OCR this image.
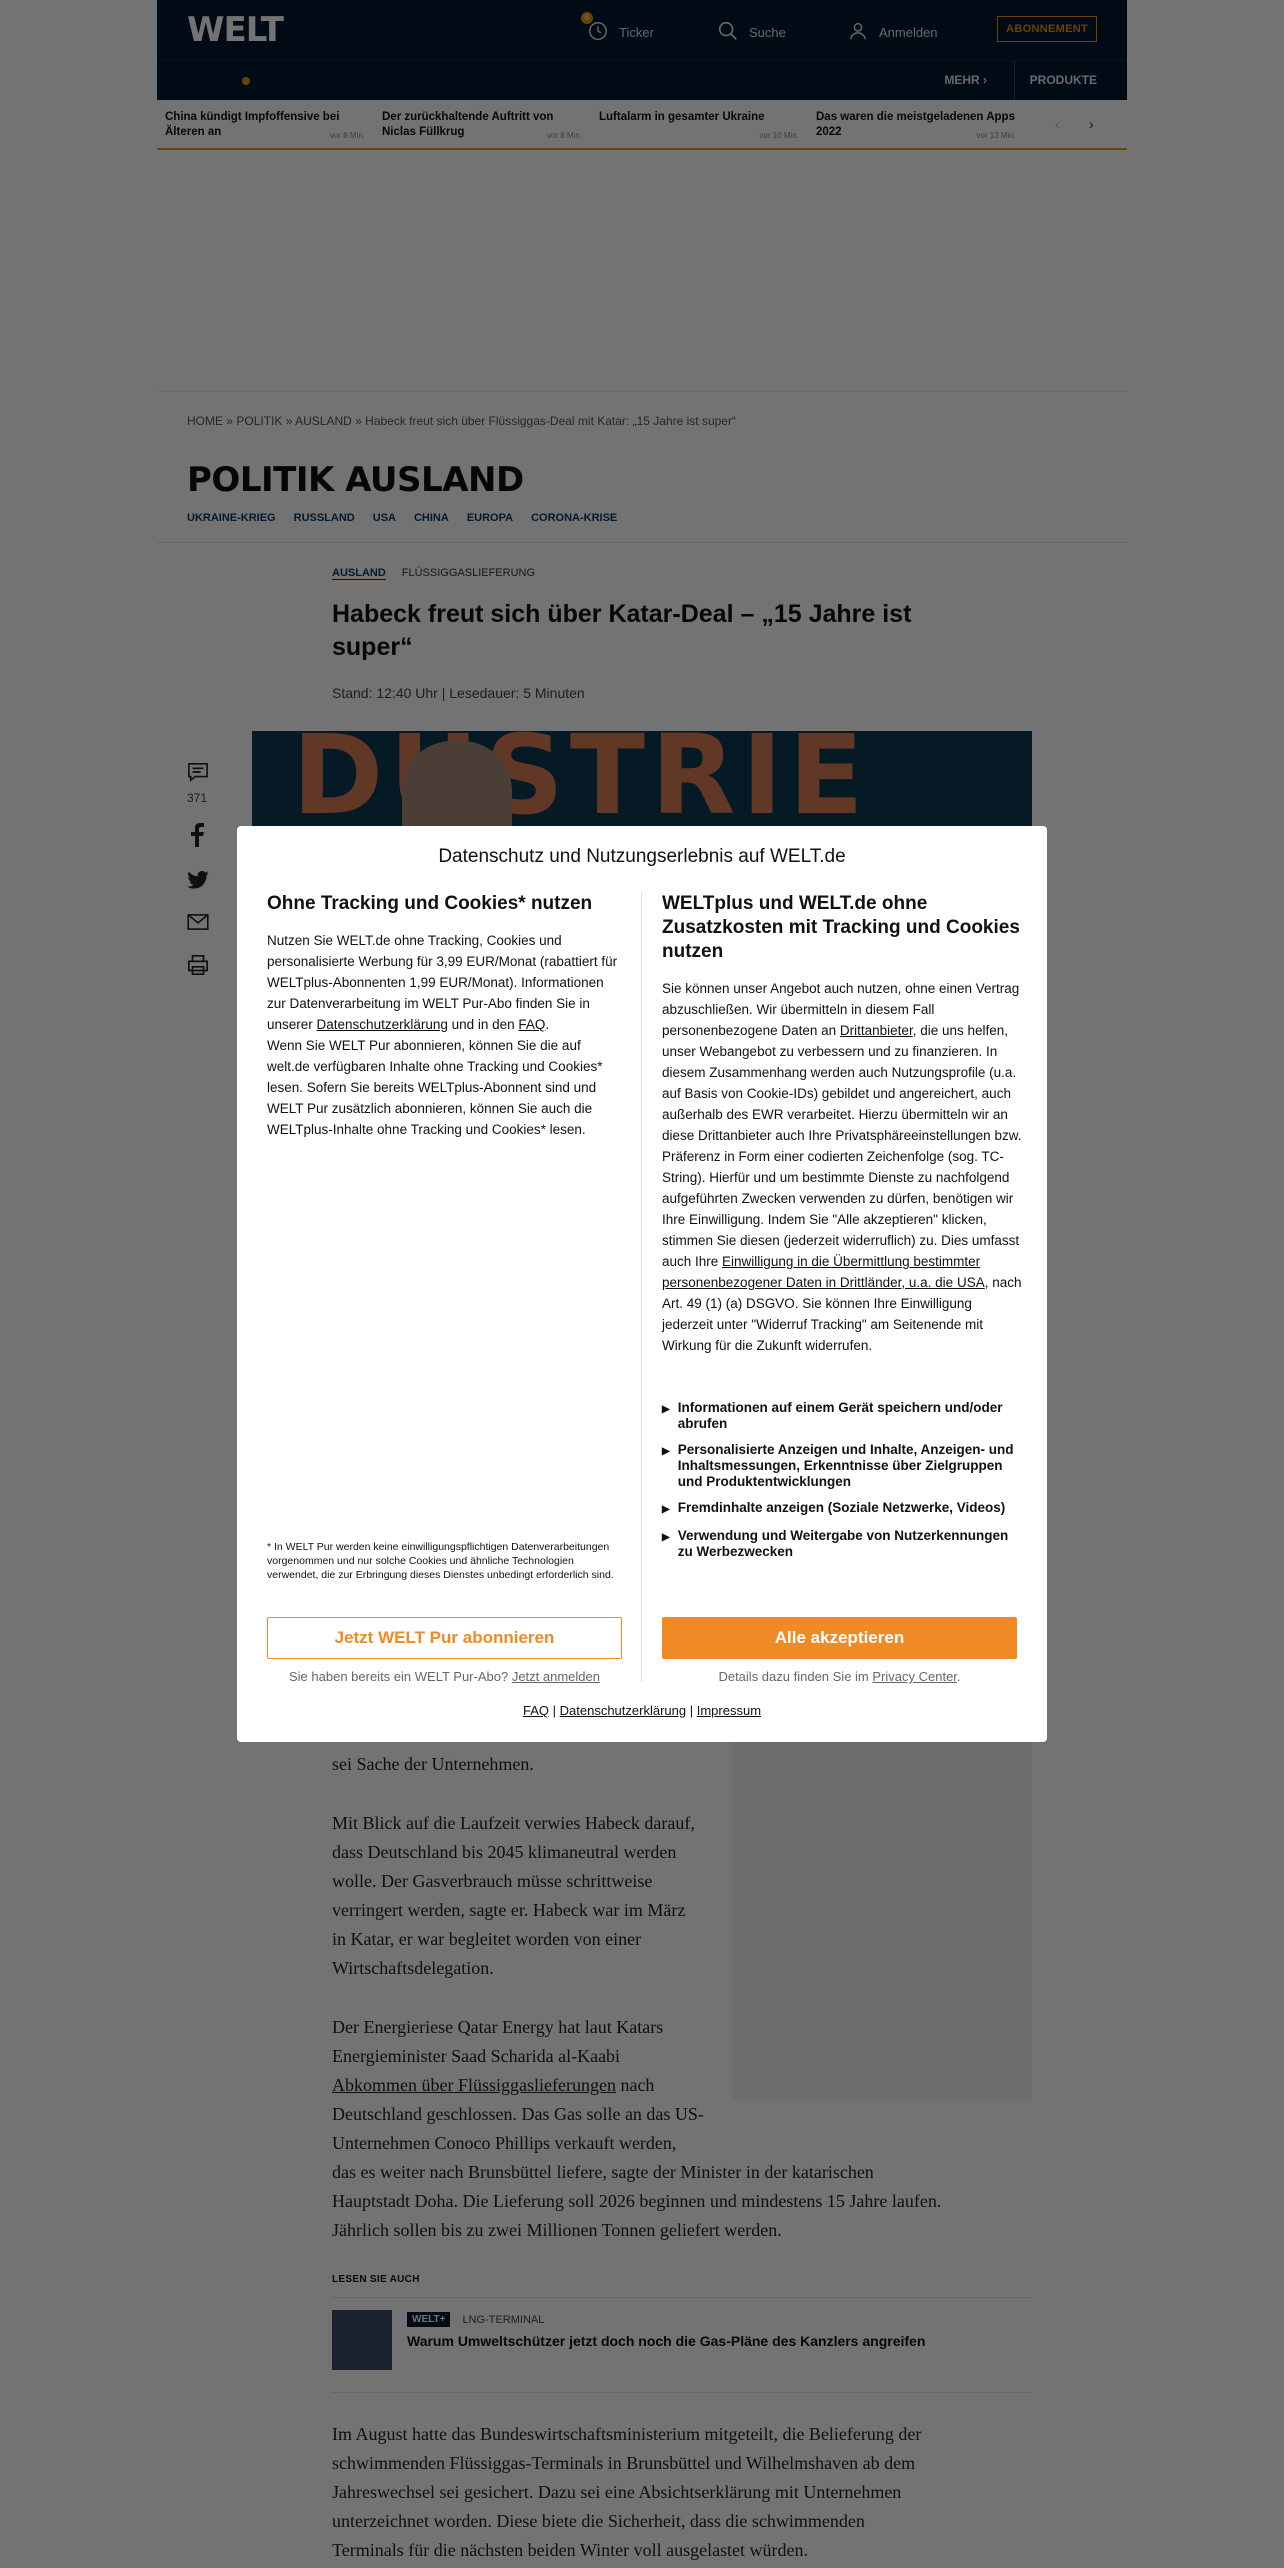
Datenschutz und Nutzungserlebnis auf WELT.de
Ohne Tracking und Cookies* nutzen
Nutzen Sie WELT.de ohne Tracking, Cookies und personalisierte Werbung für 3,99 EUR/Monat (rabattiert für WELTplus-Abonnenten 1,99 EUR/Monat). Informationen zur Datenverarbeitung im WELT Pur-Abo finden Sie in unserer Datenschutzerklärung und in den FAQ.
Wenn Sie WELT Pur abonnieren, können Sie die auf welt.de verfügbaren Inhalte ohne Tracking und Cookies* lesen. Sofern Sie bereits WELTplus-Abonnent sind und WELT Pur zusätzlich abonnieren, können Sie auch die WELTplus-Inhalte ohne Tracking und Cookies* lesen.
WELTplus und WELT.de ohne Zusatzkosten mit Tracking und Cookies nutzen
Sie können unser Angebot auch nutzen, ohne einen Vertrag abzuschließen. Wir übermitteln in diesem Fall personenbezogene Daten an Drittanbieter, die uns helfen, unser Webangebot zu verbessern und zu finanzieren. In diesem Zusammenhang werden auch Nutzungsprofile (u.a. auf Basis von Cookie-IDs) gebildet und angereichert, auch außerhalb des EWR verarbeitet. Hierzu übermitteln wir an diese Drittanbieter auch Ihre Privatsphäreeinstellungen bzw. Präferenz in Form einer codierten Zeichenfolge (sog. TC-String). Hierfür und um bestimmte Dienste zu nachfolgend aufgeführten Zwecken verwenden zu dürfen, benötigen wir Ihre Einwilligung. Indem Sie "Alle akzeptieren" klicken, stimmen Sie diesen (jederzeit widerruflich) zu. Dies umfasst auch Ihre Einwilligung in die Übermittlung bestimmter personenbezogener Daten in Drittländer, u.a. die USA, nach Art. 49 (1) (a) DSGVO. Sie können Ihre Einwilligung jederzeit unter "Widerruf Tracking" am Seitenende mit Wirkung für die Zukunft widerrufen.
▶ Informationen auf einem Gerät speichern und/oder abrufen
▶ Personalisierte Anzeigen und Inhalte, Anzeigen- und Inhaltsmessungen, Erkenntnisse über Zielgruppen und Produktentwicklungen
▶ Fremdinhalte anzeigen (Soziale Netzwerke, Videos)
▶ Verwendung und Weitergabe von Nutzerkennungen zu Werbezwecken
* In WELT Pur werden keine einwilligungspflichtigen Datenverarbeitungen vorgenommen und nur solche Cookies und ähnliche Technologien verwendet, die zur Erbringung dieses Dienstes unbedingt erforderlich sind.
Jetzt WELT Pur abonnieren	Alle akzeptieren
Sie haben bereits ein WELT Pur-Abo? Jetzt anmelden	Details dazu finden Sie im Privacy Center.
FAQ | Datenschutzerklärung | Impressum
